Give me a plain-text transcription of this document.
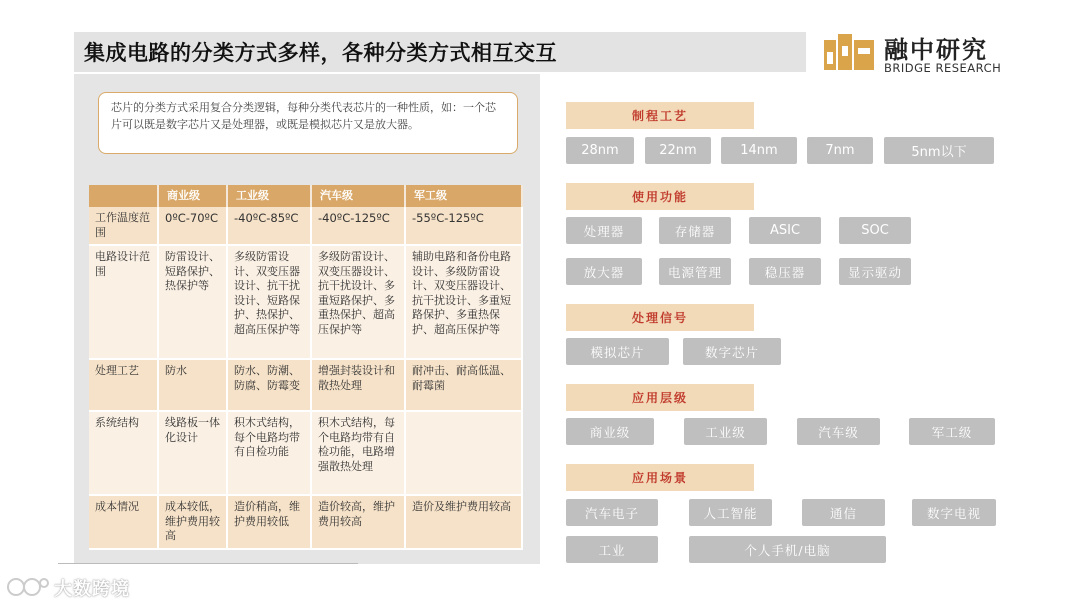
集成电路的分类方式多样，各种分类方式相互交互	融中研究
BRIDGE RESEARCH
芯片的分类方式采用复合分类逻辑，每种分类代表芯片的一种性质，如：一个芯片可以既是数字芯片又是处理器，或既是模拟芯片又是放大器。
	商业级	工业级	汽车级	军工级
工作温度范围	0ºC-70ºC	-40ºC-85ºC	-40ºC-125ºC	-55ºC-125ºC
电路设计范围	防雷设计、短路保护、热保护等	多级防雷设计、双变压器设计、抗干扰设计、短路保护、热保护、超高压保护等	多级防雷设计、双变压器设计、抗干扰设计、多重短路保护、多重热保护、超高压保护等	辅助电路和备份电路设计、多级防雷设计、双变压器设计、抗干扰设计、多重短路保护、多重热保护、超高压保护等
处理工艺	防水	防水、防潮、防腐、防霉变	增强封装设计和散热处理	耐冲击、耐高低温、耐霉菌
系统结构	线路板一体化设计	积木式结构，每个电路均带有自检功能	积木式结构，每个电路均带有自检功能，电路增强散热处理	
成本情况	成本较低，维护费用较高	造价稍高，维护费用较低	造价较高，维护费用较高	造价及维护费用较高
制程工艺
28nm	22nm	14nm	7nm	5nm以下
使用功能
处理器	存储器	ASIC	SOC
放大器	电源管理	稳压器	显示驱动
处理信号
模拟芯片	数字芯片
应用层级
商业级	工业级	汽车级	军工级
应用场景
汽车电子	人工智能	通信	数字电视
工业	个人手机/电脑
大数跨境
